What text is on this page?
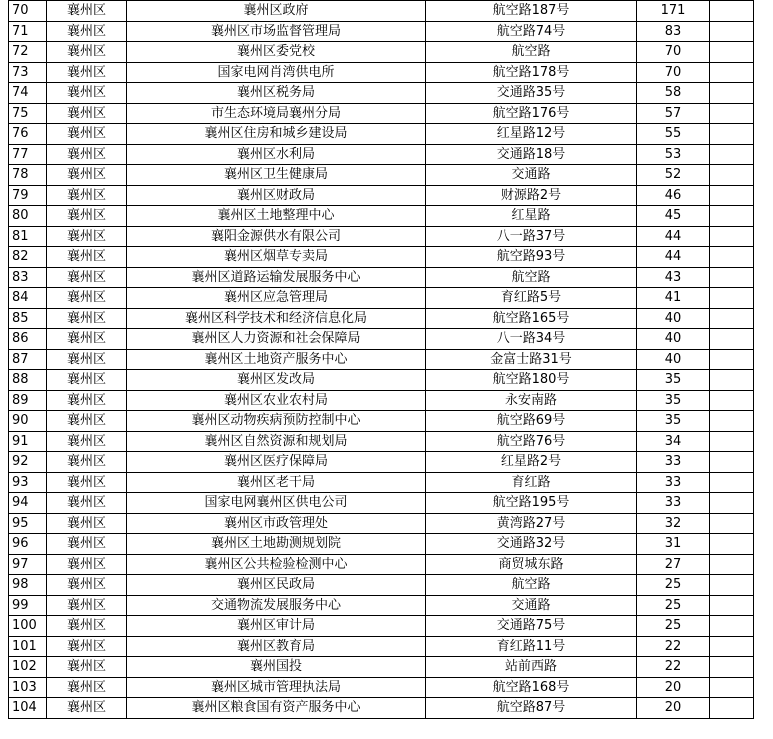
70	襄州区	襄州区政府	航空路187号	171	
71	襄州区	襄州区市场监督管理局	航空路74号	83	
72	襄州区	襄州区委党校	航空路	70	
73	襄州区	国家电网肖湾供电所	航空路178号	70	
74	襄州区	襄州区税务局	交通路35号	58	
75	襄州区	市生态环境局襄州分局	航空路176号	57	
76	襄州区	襄州区住房和城乡建设局	红星路12号	55	
77	襄州区	襄州区水利局	交通路18号	53	
78	襄州区	襄州区卫生健康局	交通路	52	
79	襄州区	襄州区财政局	财源路2号	46	
80	襄州区	襄州区土地整理中心	红星路	45	
81	襄州区	襄阳金源供水有限公司	八一路37号	44	
82	襄州区	襄州区烟草专卖局	航空路93号	44	
83	襄州区	襄州区道路运输发展服务中心	航空路	43	
84	襄州区	襄州区应急管理局	育红路5号	41	
85	襄州区	襄州区科学技术和经济信息化局	航空路165号	40	
86	襄州区	襄州区人力资源和社会保障局	八一路34号	40	
87	襄州区	襄州区土地资产服务中心	金富士路31号	40	
88	襄州区	襄州区发改局	航空路180号	35	
89	襄州区	襄州区农业农村局	永安南路	35	
90	襄州区	襄州区动物疾病预防控制中心	航空路69号	35	
91	襄州区	襄州区自然资源和规划局	航空路76号	34	
92	襄州区	襄州区医疗保障局	红星路2号	33	
93	襄州区	襄州区老干局	育红路	33	
94	襄州区	国家电网襄州区供电公司	航空路195号	33	
95	襄州区	襄州区市政管理处	黄湾路27号	32	
96	襄州区	襄州区土地勘测规划院	交通路32号	31	
97	襄州区	襄州区公共检验检测中心	商贸城东路	27	
98	襄州区	襄州区民政局	航空路	25	
99	襄州区	交通物流发展服务中心	交通路	25	
100	襄州区	襄州区审计局	交通路75号	25	
101	襄州区	襄州区教育局	育红路11号	22	
102	襄州区	襄州国投	站前西路	22	
103	襄州区	襄州区城市管理执法局	航空路168号	20	
104	襄州区	襄州区粮食国有资产服务中心	航空路87号	20	
